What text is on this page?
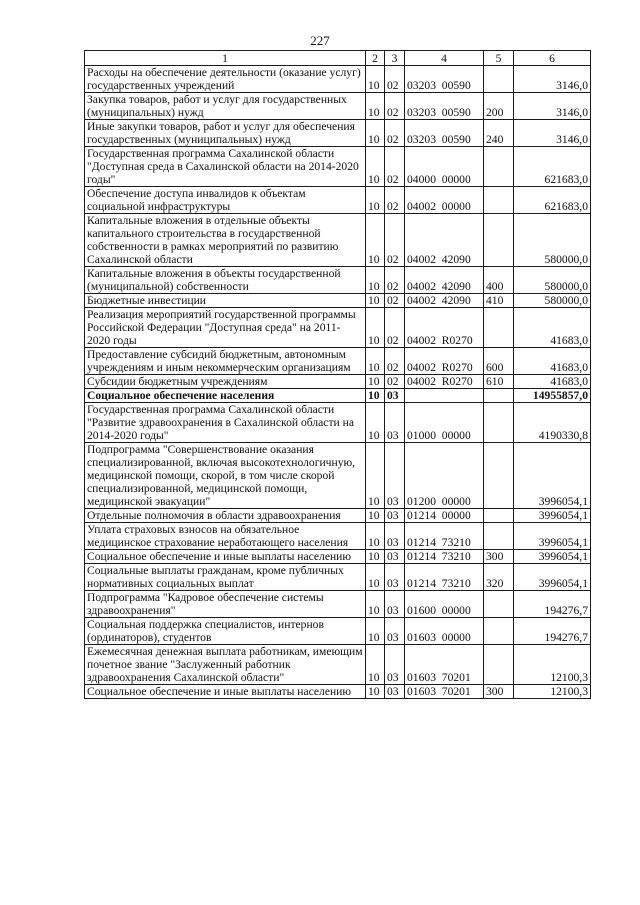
227
1	2	3	4	5	6
Расходы на обеспечение деятельности (оказание услуг) государственных учреждений	10	02	03203  00590		3146,0
Закупка товаров, работ и услуг для государственных (муниципальных) нужд	10	02	03203  00590	200	3146,0
Иные закупки товаров, работ и услуг для обеспечения государственных (муниципальных) нужд	10	02	03203  00590	240	3146,0
Государственная программа Сахалинской области "Доступная среда в Сахалинской области на 2014-2020 годы"	10	02	04000  00000		621683,0
Обеспечение доступа инвалидов к объектам социальной инфраструктуры	10	02	04002  00000		621683,0
Капитальные вложения в отдельные объекты капитального строительства в государственной собственности в рамках мероприятий по развитию Сахалинской области	10	02	04002  42090		580000,0
Капитальные вложения в объекты государственной (муниципальной) собственности	10	02	04002  42090	400	580000,0
Бюджетные инвестиции	10	02	04002  42090	410	580000,0
Реализация мероприятий государственной программы Российской Федерации "Доступная среда" на 2011-2020 годы	10	02	04002  R0270		41683,0
Предоставление субсидий бюджетным, автономным учреждениям и иным некоммерческим организациям	10	02	04002  R0270	600	41683,0
Субсидии бюджетным учреждениям	10	02	04002  R0270	610	41683,0
Социальное обеспечение населения	10	03			14955857,0
Государственная программа Сахалинской области "Развитие здравоохранения в Сахалинской области на 2014-2020 годы"	10	03	01000  00000		4190330,8
Подпрограмма "Совершенствование оказания специализированной, включая высокотехнологичную, медицинской помощи, скорой, в том числе скорой специализированной, медицинской помощи, медицинской эвакуации"	10	03	01200  00000		3996054,1
Отдельные полномочия в области здравоохранения	10	03	01214  00000		3996054,1
Уплата страховых взносов на обязательное медицинское страхование неработающего населения	10	03	01214  73210		3996054,1
Социальное обеспечение и иные выплаты населению	10	03	01214  73210	300	3996054,1
Социальные выплаты гражданам, кроме публичных нормативных социальных выплат	10	03	01214  73210	320	3996054,1
Подпрограмма "Кадровое обеспечение системы здравоохранения"	10	03	01600  00000		194276,7
Социальная поддержка специалистов, интернов (ординаторов), студентов	10	03	01603  00000		194276,7
Ежемесячная денежная выплата работникам, имеющим почетное звание "Заслуженный работник здравоохранения Сахалинской области"	10	03	01603  70201		12100,3
Социальное обеспечение и иные выплаты населению	10	03	01603  70201	300	12100,3
